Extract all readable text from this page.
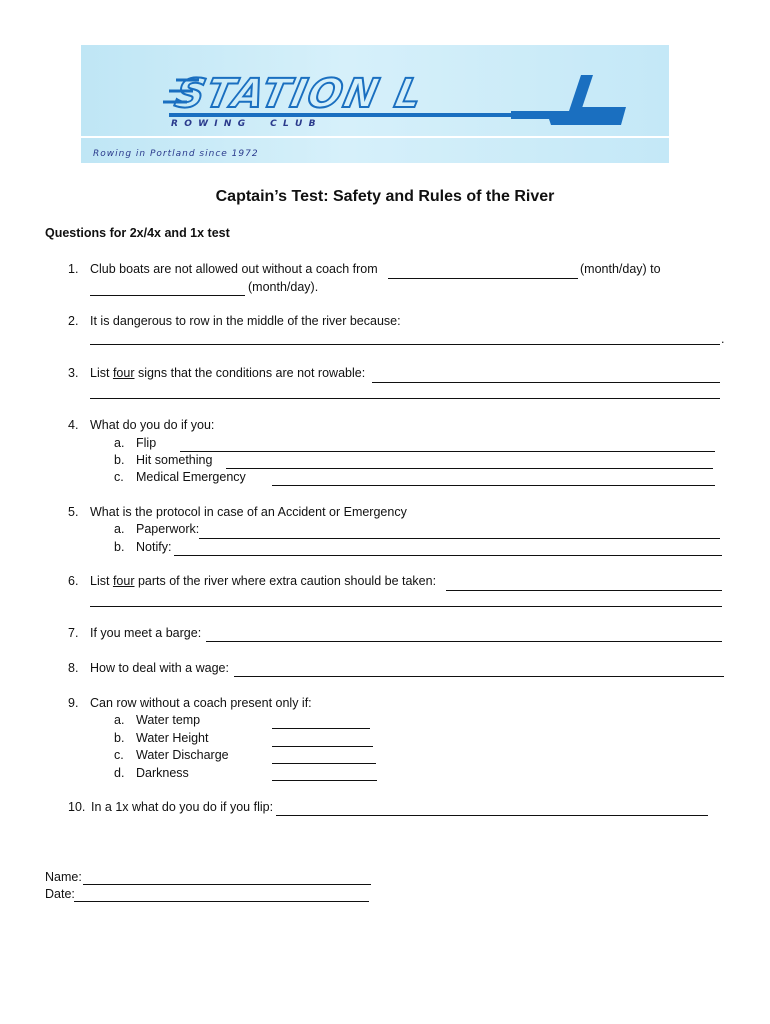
STATION L
R  O  W  I  N  G        C  L  U  B
Rowing in Portland since 1972
Captain’s Test: Safety and Rules of the River
Questions for 2x/4x and 1x test
1. Club boats are not allowed out without a coach from	(month/day) to
(month/day).
2. It is dangerous to row in the middle of the river because:
.
3. List four signs that the conditions are not rowable:
4. What do you do if you:
a. Flip
b. Hit something
c. Medical Emergency
5. What is the protocol in case of an Accident or Emergency
a. Paperwork:
b. Notify:
6. List four parts of the river where extra caution should be taken:
7. If you meet a barge:
8. How to deal with a wage:
9. Can row without a coach present only if:
a. Water temp
b. Water Height
c. Water Discharge
d. Darkness
10. In a 1x what do you do if you flip:
Name:
Date:
